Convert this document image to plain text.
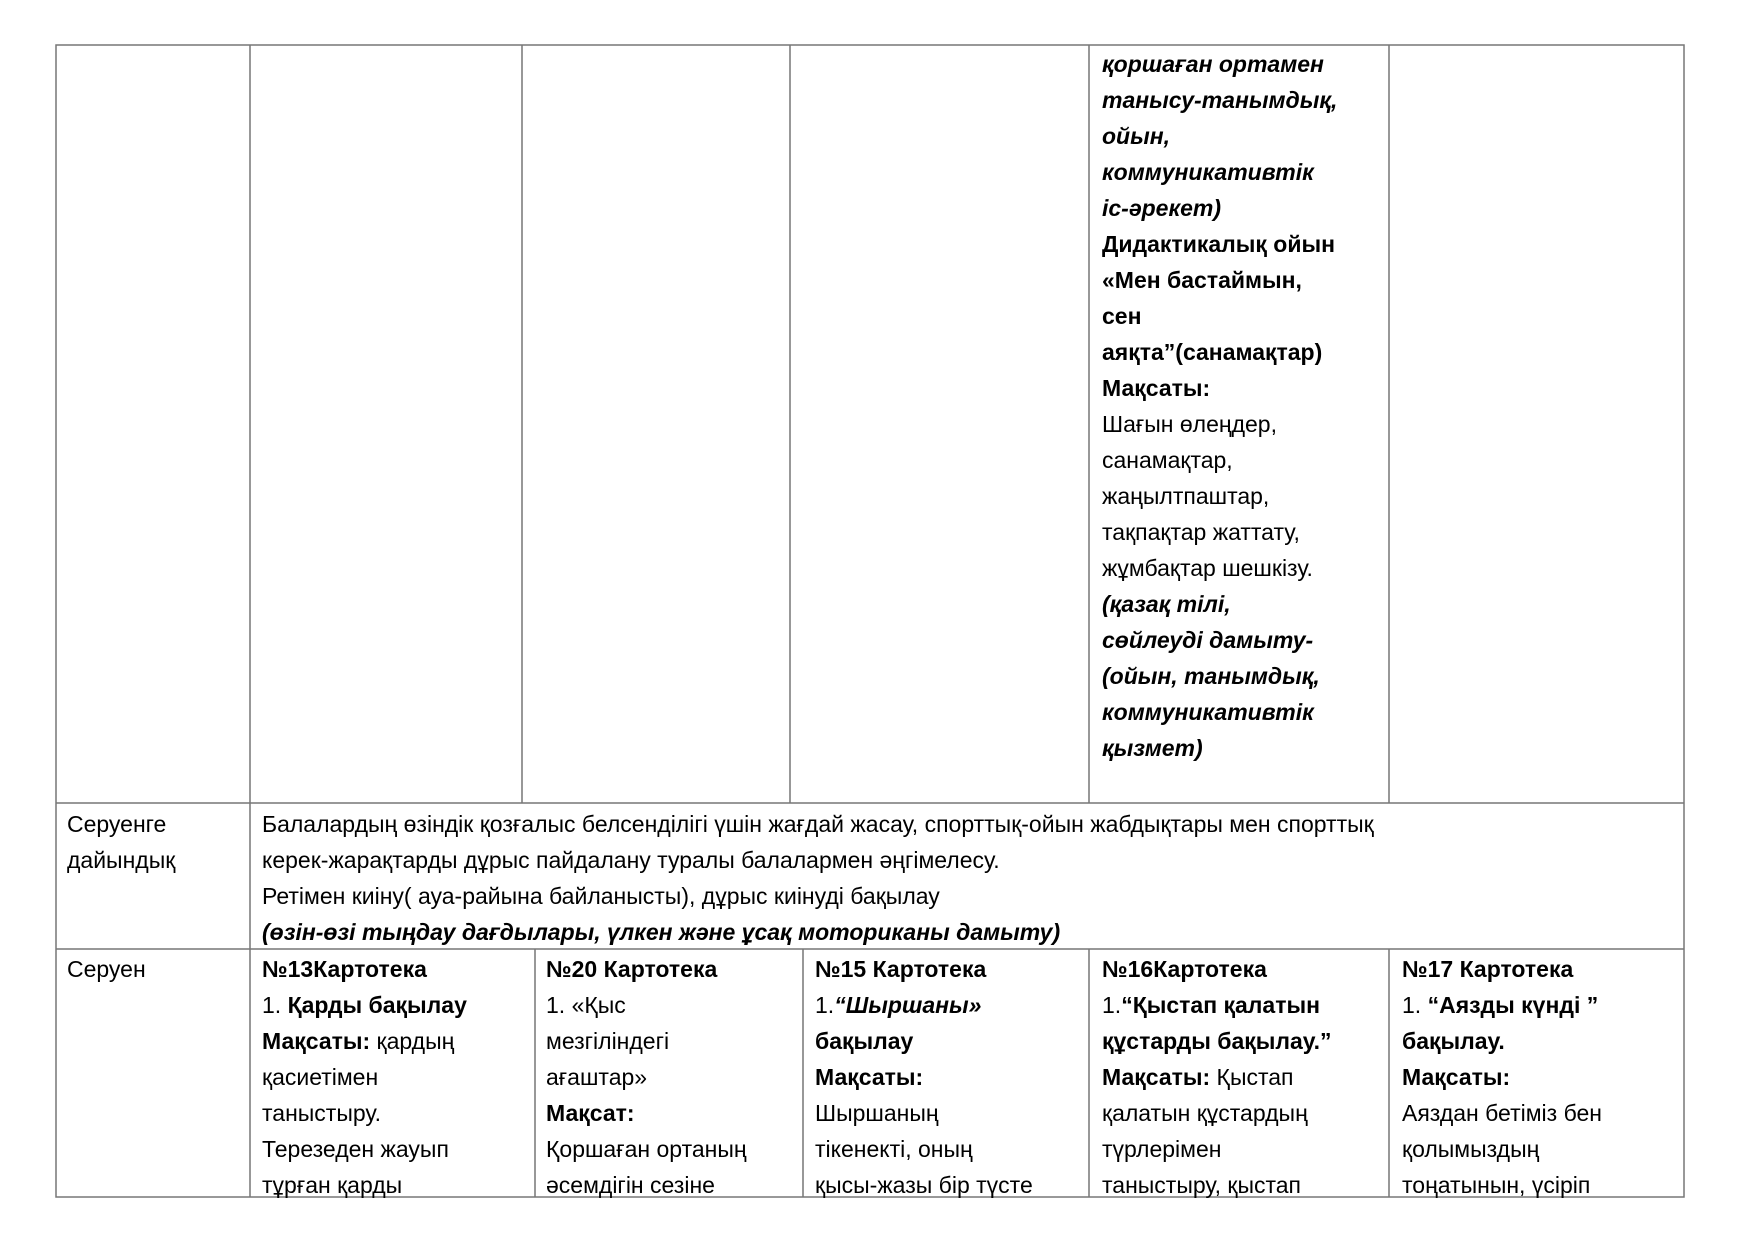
қоршаған ортамен
танысу-танымдық,
ойын,
коммуникативтік
іс-әрекет)
Дидактикалық ойын
«Мен бастаймын,
сен
аяқта”(санамақтар)
Мақсаты:
Шағын өлеңдер,
санамақтар,
жаңылтпаштар,
тақпақтар жаттату,
жұмбақтар шешкізу.
(қазақ тілі,
сөйлеуді дамыту-
(ойын, танымдық,
коммуникативтік
қызмет)
Серуенге
дайындық
Балалардың өзіндік қозғалыс белсенділігі үшін жағдай жасау, спорттық-ойын жабдықтары мен спорттық
керек-жарақтарды дұрыс пайдалану туралы балалармен әңгімелесу.
Ретімен киіну( ауа-райына байланысты), дұрыс киінуді бақылау
(өзін-өзі тыңдау дағдылары, үлкен және ұсақ моториканы дамыту)
Серуен	№13Картотека
1. Қарды бақылау
Мақсаты: қардың
қасиетімен
таныстыру.
Терезеден жауып
тұрған қарды
№20 Картотека
1. «Қыс
мезгіліндегі
ағаштар»
Мақсат:
Қоршаған ортаның
әсемдігін сезіне
№15 Картотека
1.“Шыршаны»
бақылау
Мақсаты:
Шыршаның
тікенекті, оның
қысы-жазы бір түсте
№16Картотека
1.“Қыстап қалатын
құстарды бақылау.”
Мақсаты: Қыстап
қалатын құстардың
түрлерімен
таныстыру, қыстап
№17 Картотека
1. “Аязды күнді ”
бақылау.
Мақсаты:
Аяздан бетіміз бен
қолымыздың
тоңатынын, үсіріп
